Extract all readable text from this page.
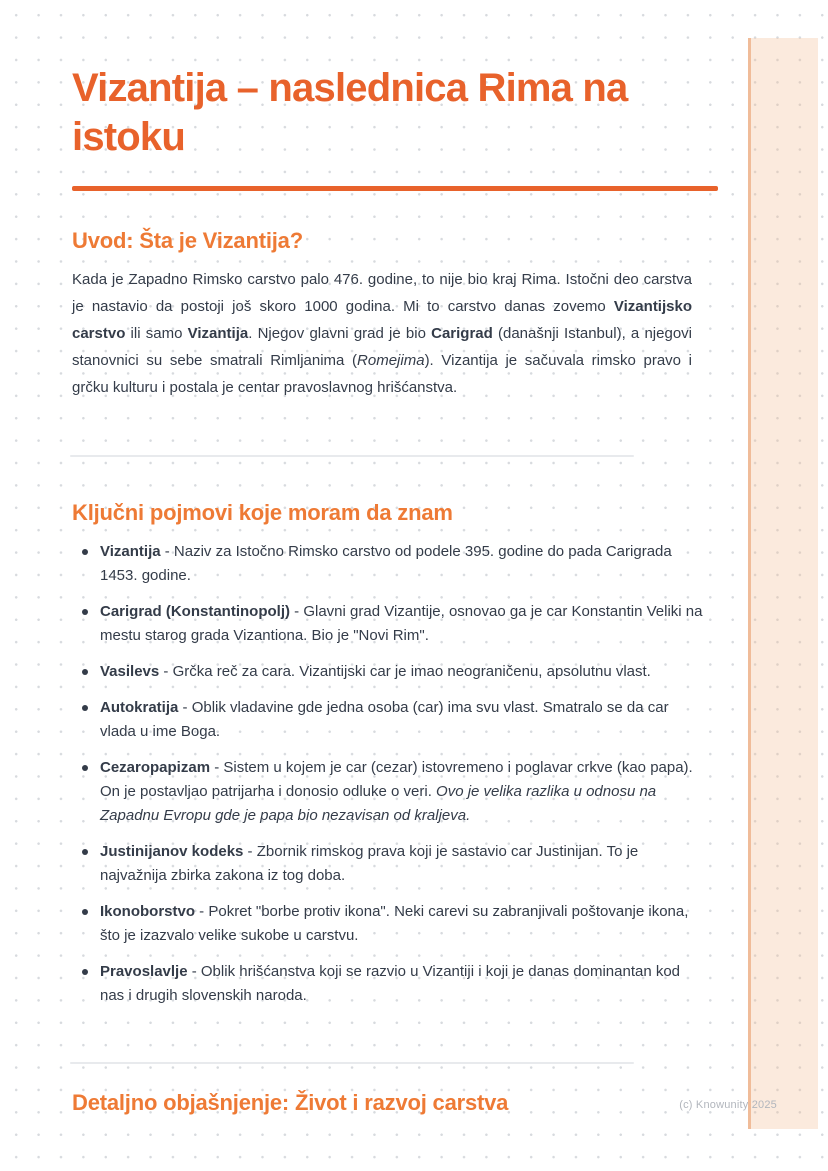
Vizantija – naslednica Rima na istoku
Uvod: Šta je Vizantija?

Kada je Zapadno Rimsko carstvo palo 476. godine, to nije bio kraj Rima. Istočni deo carstva je nastavio da postoji još skoro 1000 godina. Mi to carstvo danas zovemo Vizantijsko carstvo ili samo Vizantija. Njegov glavni grad je bio Carigrad (današnji Istanbul), a njegovi stanovnici su sebe smatrali Rimljanima (Romejima). Vizantija je sačuvala rimsko pravo i grčku kulturu i postala je centar pravoslavnog hrišćanstva.

Ključni pojmovi koje moram da znam
Vizantija - Naziv za Istočno Rimsko carstvo od podele 395. godine do pada Carigrada 1453. godine.
Carigrad (Konstantinopolj) - Glavni grad Vizantije, osnovao ga je car Konstantin Veliki na mestu starog grada Vizantiona. Bio je "Novi Rim".
Vasilevs - Grčka reč za cara. Vizantijski car je imao neograničenu, apsolutnu vlast.
Autokratija - Oblik vladavine gde jedna osoba (car) ima svu vlast. Smatralo se da car vlada u ime Boga.
Cezaropapizam - Sistem u kojem je car (cezar) istovremeno i poglavar crkve (kao papa). On je postavljao patrijarha i donosio odluke o veri. Ovo je velika razlika u odnosu na Zapadnu Evropu gde je papa bio nezavisan od kraljeva.
Justinijanov kodeks - Zbornik rimskog prava koji je sastavio car Justinijan. To je najvažnija zbirka zakona iz tog doba.
Ikonoborstvo - Pokret "borbe protiv ikona". Neki carevi su zabranjivali poštovanje ikona, što je izazvalo velike sukobe u carstvu.
Pravoslavlje - Oblik hrišćanstva koji se razvio u Vizantiji i koji je danas dominantan kod nas i drugih slovenskih naroda.
Detaljno objašnjenje: Život i razvoj carstva	(c) Knowunity 2025
